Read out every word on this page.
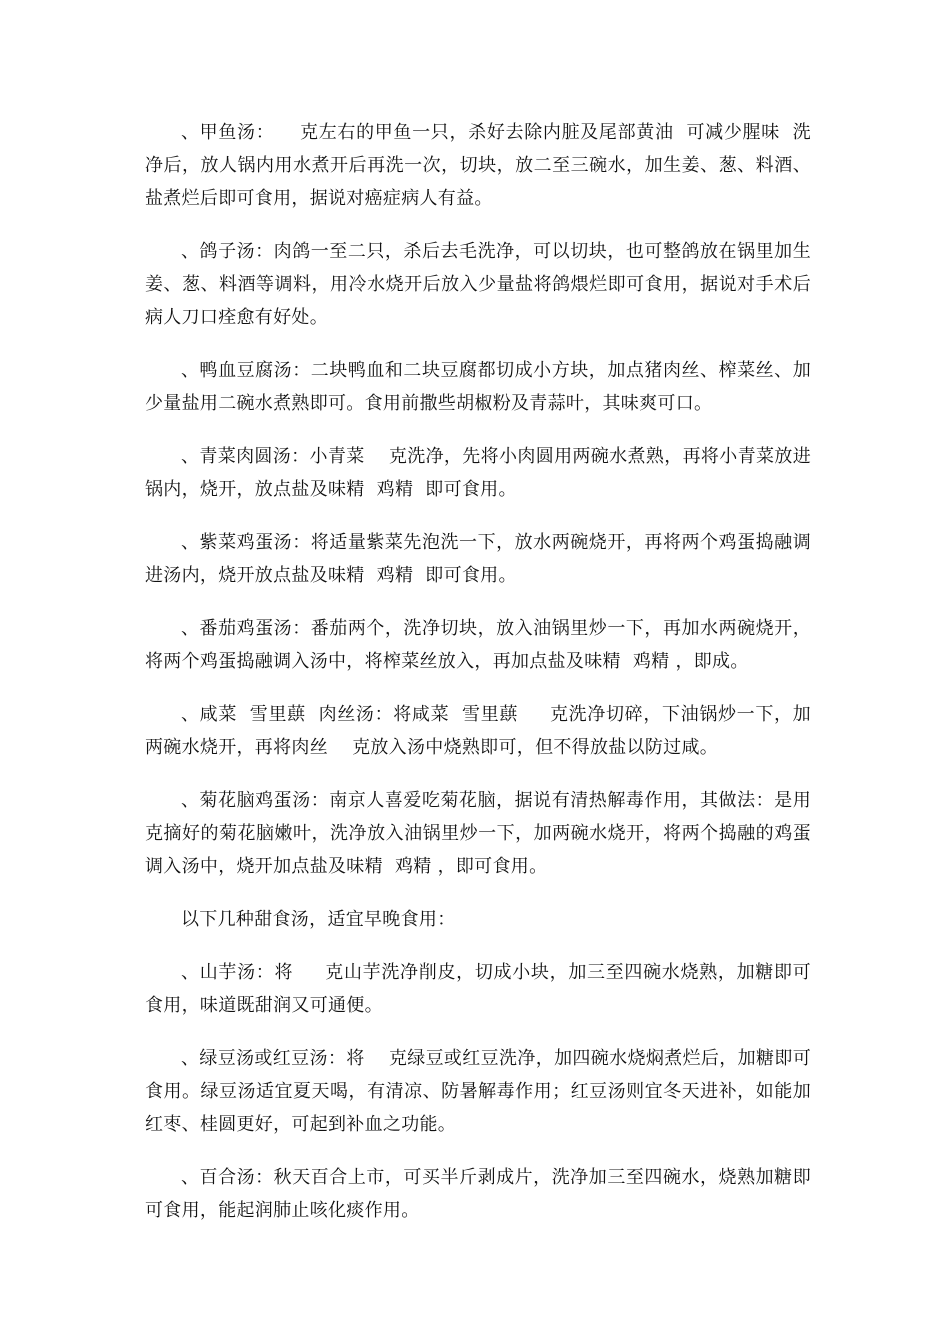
、甲鱼汤：    克左右的甲鱼一只，杀好去除内脏及尾部黄油  可减少腥味  洗净后，放人锅内用水煮开后再洗一次，切块，放二至三碗水，加生姜、葱、料酒、盐煮烂后即可食用，据说对癌症病人有益。

、鸽子汤：肉鸽一至二只，杀后去毛洗净，可以切块，也可整鸽放在锅里加生姜、葱、料酒等调料，用冷水烧开后放入少量盐将鸽煨烂即可食用，据说对手术后病人刀口痊愈有好处。

、鸭血豆腐汤：二块鸭血和二块豆腐都切成小方块，加点猪肉丝、榨菜丝、加少量盐用二碗水煮熟即可。食用前撒些胡椒粉及青蒜叶，其味爽可口。

、青菜肉圆汤：小青菜    克洗净，先将小肉圆用两碗水煮熟，再将小青菜放进锅内，烧开，放点盐及味精  鸡精  即可食用。

、紫菜鸡蛋汤：将适量紫菜先泡洗一下，放水两碗烧开，再将两个鸡蛋捣融调进汤内，烧开放点盐及味精  鸡精  即可食用。

、番茄鸡蛋汤：番茄两个，洗净切块，放入油锅里炒一下，再加水两碗烧开，将两个鸡蛋捣融调入汤中，将榨菜丝放入，再加点盐及味精  鸡精 ，即成。

、咸菜  雪里蕻  肉丝汤：将咸菜  雪里蕻     克洗净切碎，下油锅炒一下，加两碗水烧开，再将肉丝    克放入汤中烧熟即可，但不得放盐以防过咸。

、菊花脑鸡蛋汤：南京人喜爱吃菊花脑，据说有清热解毒作用，其做法：是用    克摘好的菊花脑嫩叶，洗净放入油锅里炒一下，加两碗水烧开，将两个捣融的鸡蛋调入汤中，烧开加点盐及味精  鸡精 ，即可食用。

以下几种甜食汤，适宜早晚食用：

、山芋汤：将     克山芋洗净削皮，切成小块，加三至四碗水烧熟，加糖即可食用，味道既甜润又可通便。

、绿豆汤或红豆汤：将    克绿豆或红豆洗净，加四碗水烧焖煮烂后，加糖即可食用。绿豆汤适宜夏天喝，有清凉、防暑解毒作用；红豆汤则宜冬天进补，如能加红枣、桂圆更好，可起到补血之功能。

、百合汤：秋天百合上市，可买半斤剥成片，洗净加三至四碗水，烧熟加糖即可食用，能起润肺止咳化痰作用。
